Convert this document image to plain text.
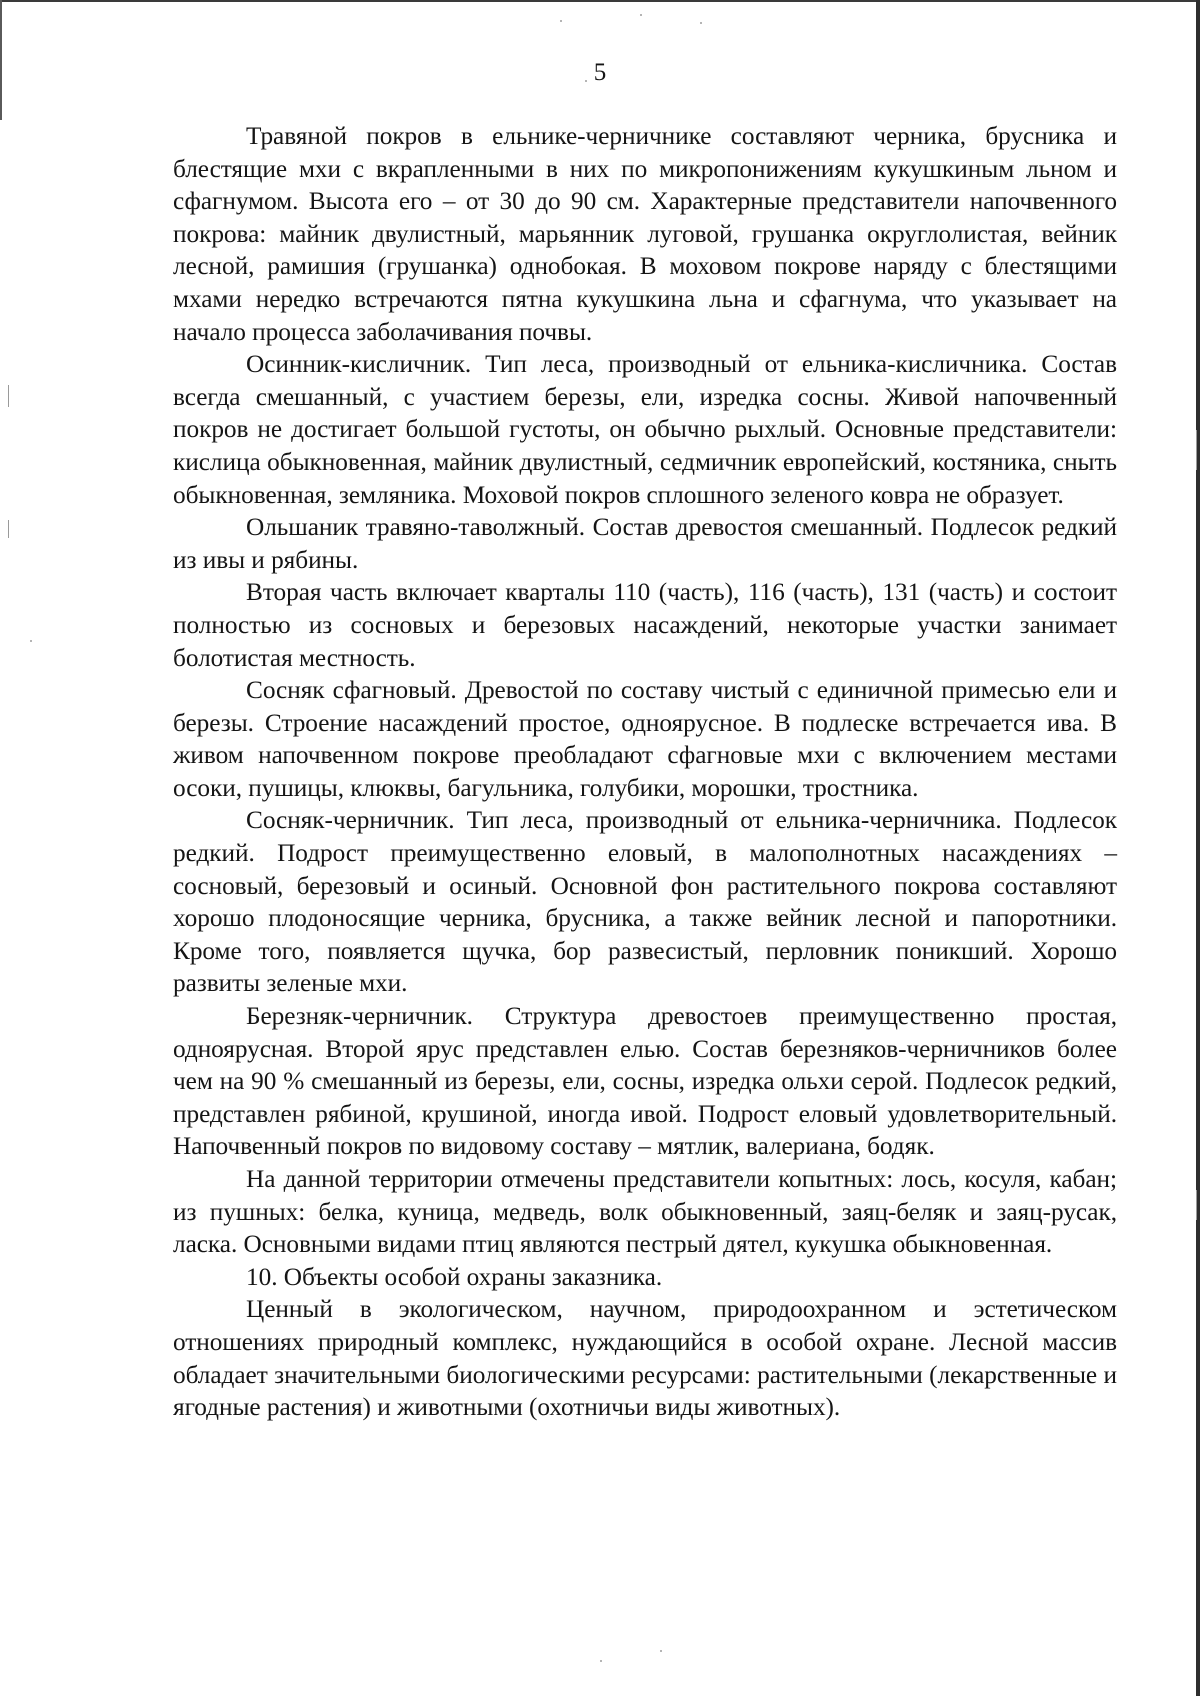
5

Травяной покров в ельнике-черничнике составляют черника, брусника и блестящие мхи с вкрапленными в них по микропонижениям кукушкиным льном и сфагнумом. Высота его – от 30 до 90 см. Характерные представители напочвенного покрова: майник двулистный, марьянник луговой, грушанка округлолистая, вейник лесной, рамишия (грушанка) однобокая. В моховом покрове наряду с блестящими мхами нередко встречаются пятна кукушкина льна и сфагнума, что указывает на начало процесса заболачивания почвы.

Осинник-кисличник. Тип леса, производный от ельника-кисличника. Состав всегда смешанный, с участием березы, ели, изредка сосны. Живой напочвенный покров не достигает большой густоты, он обычно рыхлый. Основные представители: кислица обыкновенная, майник двулистный, седмичник европейский, костяника, сныть обыкновенная, земляника. Моховой покров сплошного зеленого ковра не образует.

Ольшаник травяно-таволжный. Состав древостоя смешанный. Подлесок редкий из ивы и рябины.

Вторая часть включает кварталы 110 (часть), 116 (часть), 131 (часть) и состоит полностью из сосновых и березовых насаждений, некоторые участки занимает болотистая местность.

Сосняк сфагновый. Древостой по составу чистый с единичной примесью ели и березы. Строение насаждений простое, одноярусное. В подлеске встречается ива. В живом напочвенном покрове преобладают сфагновые мхи с включением местами осоки, пушицы, клюквы, багульника, голубики, морошки, тростника.

Сосняк-черничник. Тип леса, производный от ельника-черничника. Подлесок редкий. Подрост преимущественно еловый, в малополнотных насаждениях – сосновый, березовый и осиный. Основной фон растительного покрова составляют хорошо плодоносящие черника, брусника, а также вейник лесной и папоротники. Кроме того, появляется щучка, бор развесистый, перловник поникший. Хорошо развиты зеленые мхи.

Березняк-черничник. Структура древостоев преимущественно простая, одноярусная. Второй ярус представлен елью. Состав березняков-черничников более чем на 90 % смешанный из березы, ели, сосны, изредка ольхи серой. Подлесок редкий, представлен рябиной, крушиной, иногда ивой. Подрост еловый удовлетворительный. Напочвенный покров по видовому составу – мятлик, валериана, бодяк.

На данной территории отмечены представители копытных: лось, косуля, кабан; из пушных: белка, куница, медведь, волк обыкновенный, заяц-беляк и заяц-русак, ласка. Основными видами птиц являются пестрый дятел, кукушка обыкновенная.

10. Объекты особой охраны заказника.

Ценный в экологическом, научном, природоохранном и эстетическом отношениях природный комплекс, нуждающийся в особой охране. Лесной массив обладает значительными биологическими ресурсами: растительными (лекарственные и ягодные растения) и животными (охотничьи виды животных).
